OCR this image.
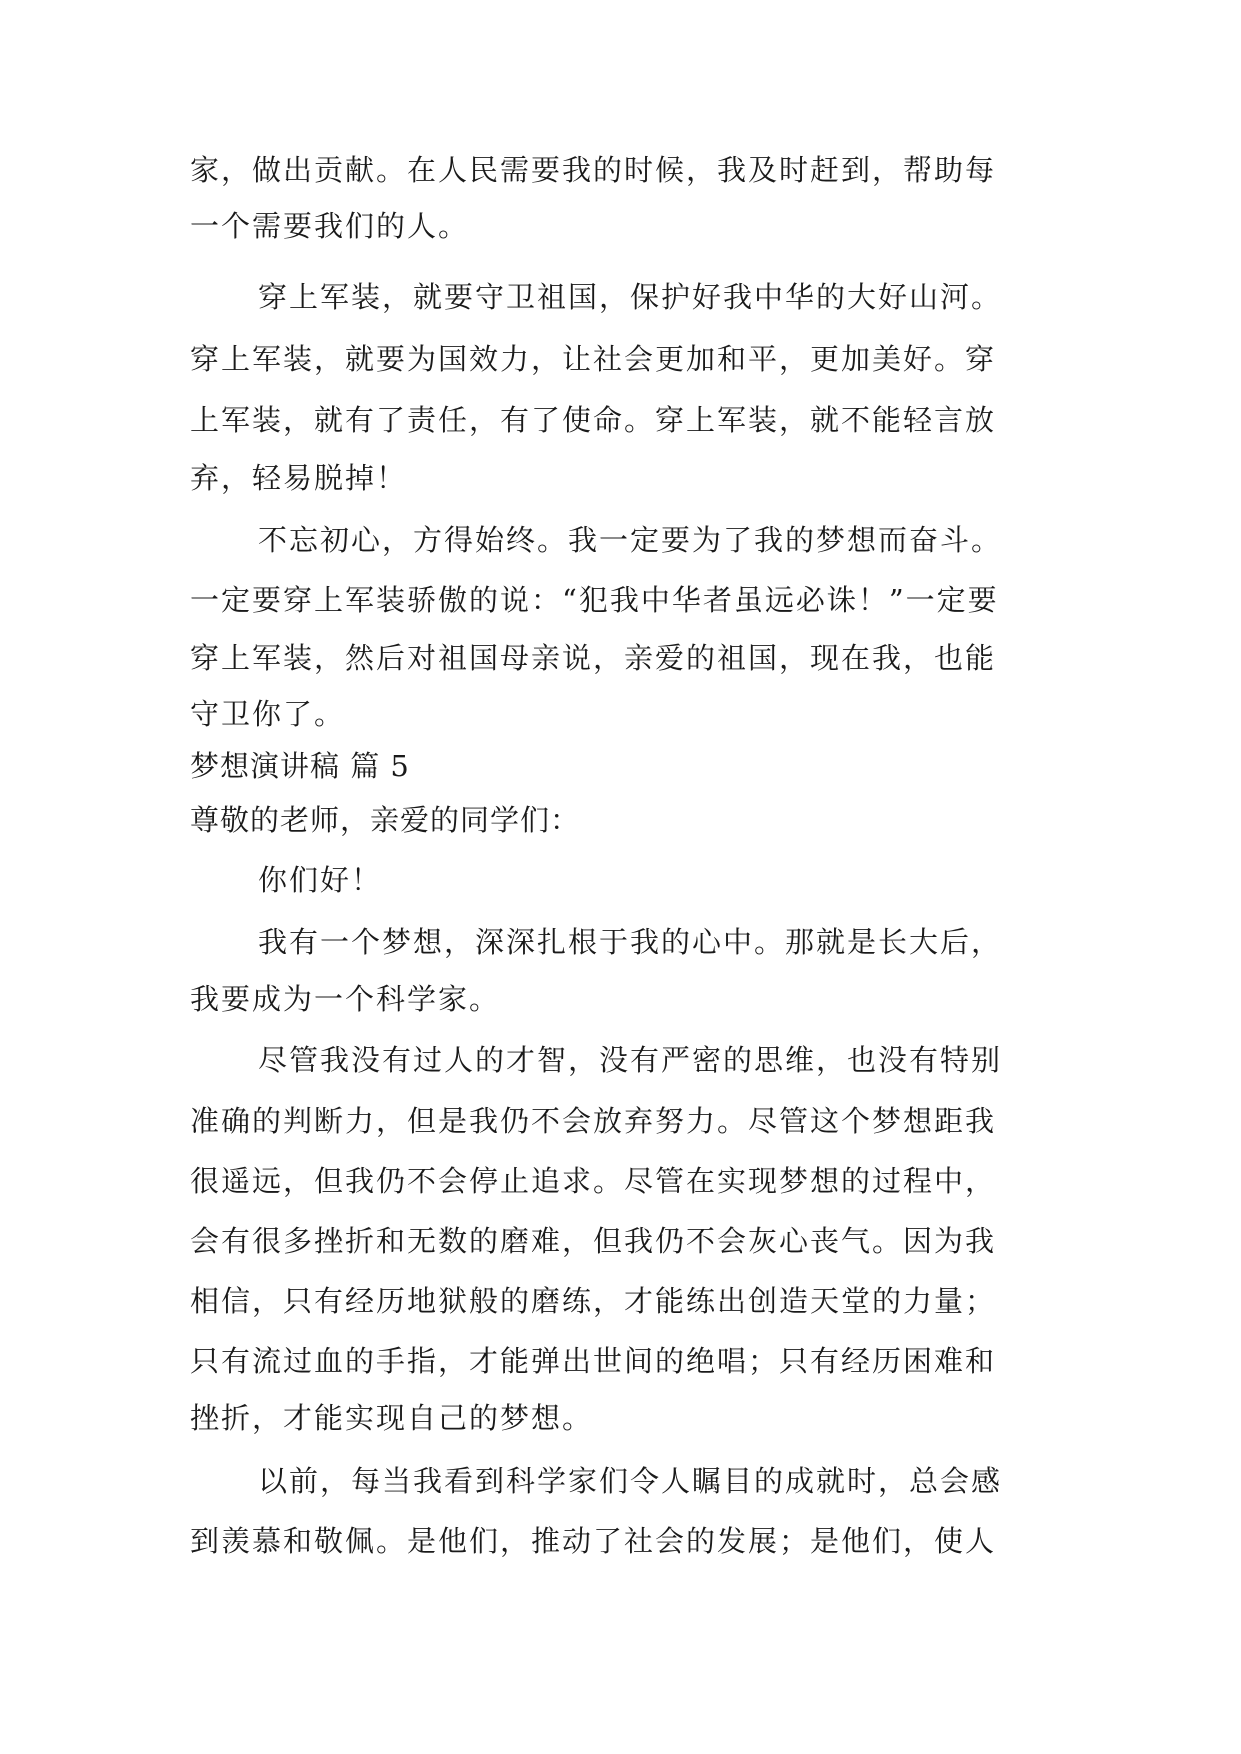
家，做出贡献。在人民需要我的时候，我及时赶到，帮助每
一个需要我们的人。
穿上军装，就要守卫祖国，保护好我中华的大好山河。
穿上军装，就要为国效力，让社会更加和平，更加美好。穿
上军装，就有了责任，有了使命。穿上军装，就不能轻言放
弃，轻易脱掉！
不忘初心，方得始终。我一定要为了我的梦想而奋斗。
一定要穿上军装骄傲的说：“犯我中华者虽远必诛！”一定要
穿上军装，然后对祖国母亲说，亲爱的祖国，现在我，也能
守卫你了。
梦想演讲稿 篇 5
尊敬的老师，亲爱的同学们：
你们好！
我有一个梦想，深深扎根于我的心中。那就是长大后，
我要成为一个科学家。
尽管我没有过人的才智，没有严密的思维，也没有特别
准确的判断力，但是我仍不会放弃努力。尽管这个梦想距我
很遥远，但我仍不会停止追求。尽管在实现梦想的过程中，
会有很多挫折和无数的磨难，但我仍不会灰心丧气。因为我
相信，只有经历地狱般的磨练，才能练出创造天堂的力量；
只有流过血的手指，才能弹出世间的绝唱；只有经历困难和
挫折，才能实现自己的梦想。
以前，每当我看到科学家们令人瞩目的成就时，总会感
到羡慕和敬佩。是他们，推动了社会的发展；是他们，使人
